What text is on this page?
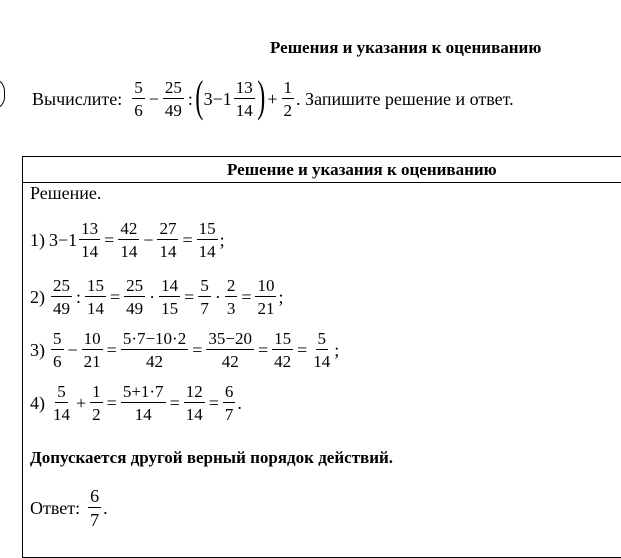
Решения и указания к оцениванию
Вычислите: $\frac{5}{6} - \frac{25}{49}$ : ( $3-1 \frac{13}{14}$ ) + $\frac{1}{2}$ . Запишите решение и ответ.
Решение и указания к оцениванию
Решение.
1) $3-1 \frac{13}{14} = \frac{42}{14} - \frac{27}{14} = \frac{15}{14}$ ;
$2) \frac{25}{49}$ : $\frac{15}{14} = \frac{25}{49} \cdot \frac{14}{15} = \frac{5}{7} \cdot \frac{2}{3} = \frac{10}{21}$ ;
$3) \frac{5}{6} - \frac{10}{21} = \frac{5\cdot 7-10\cdot 2}{42} = \frac{35-20}{42} = \frac{15}{42} = \frac{5}{14}$ ;
$4) \frac{5}{14} + \frac{1}{2} = \frac{5+1\cdot 7}{14} = \frac{12}{14} = \frac{6}{7}$ .
Допускается другой верный порядок действий.
Ответ: $\frac{6}{7}$ .
